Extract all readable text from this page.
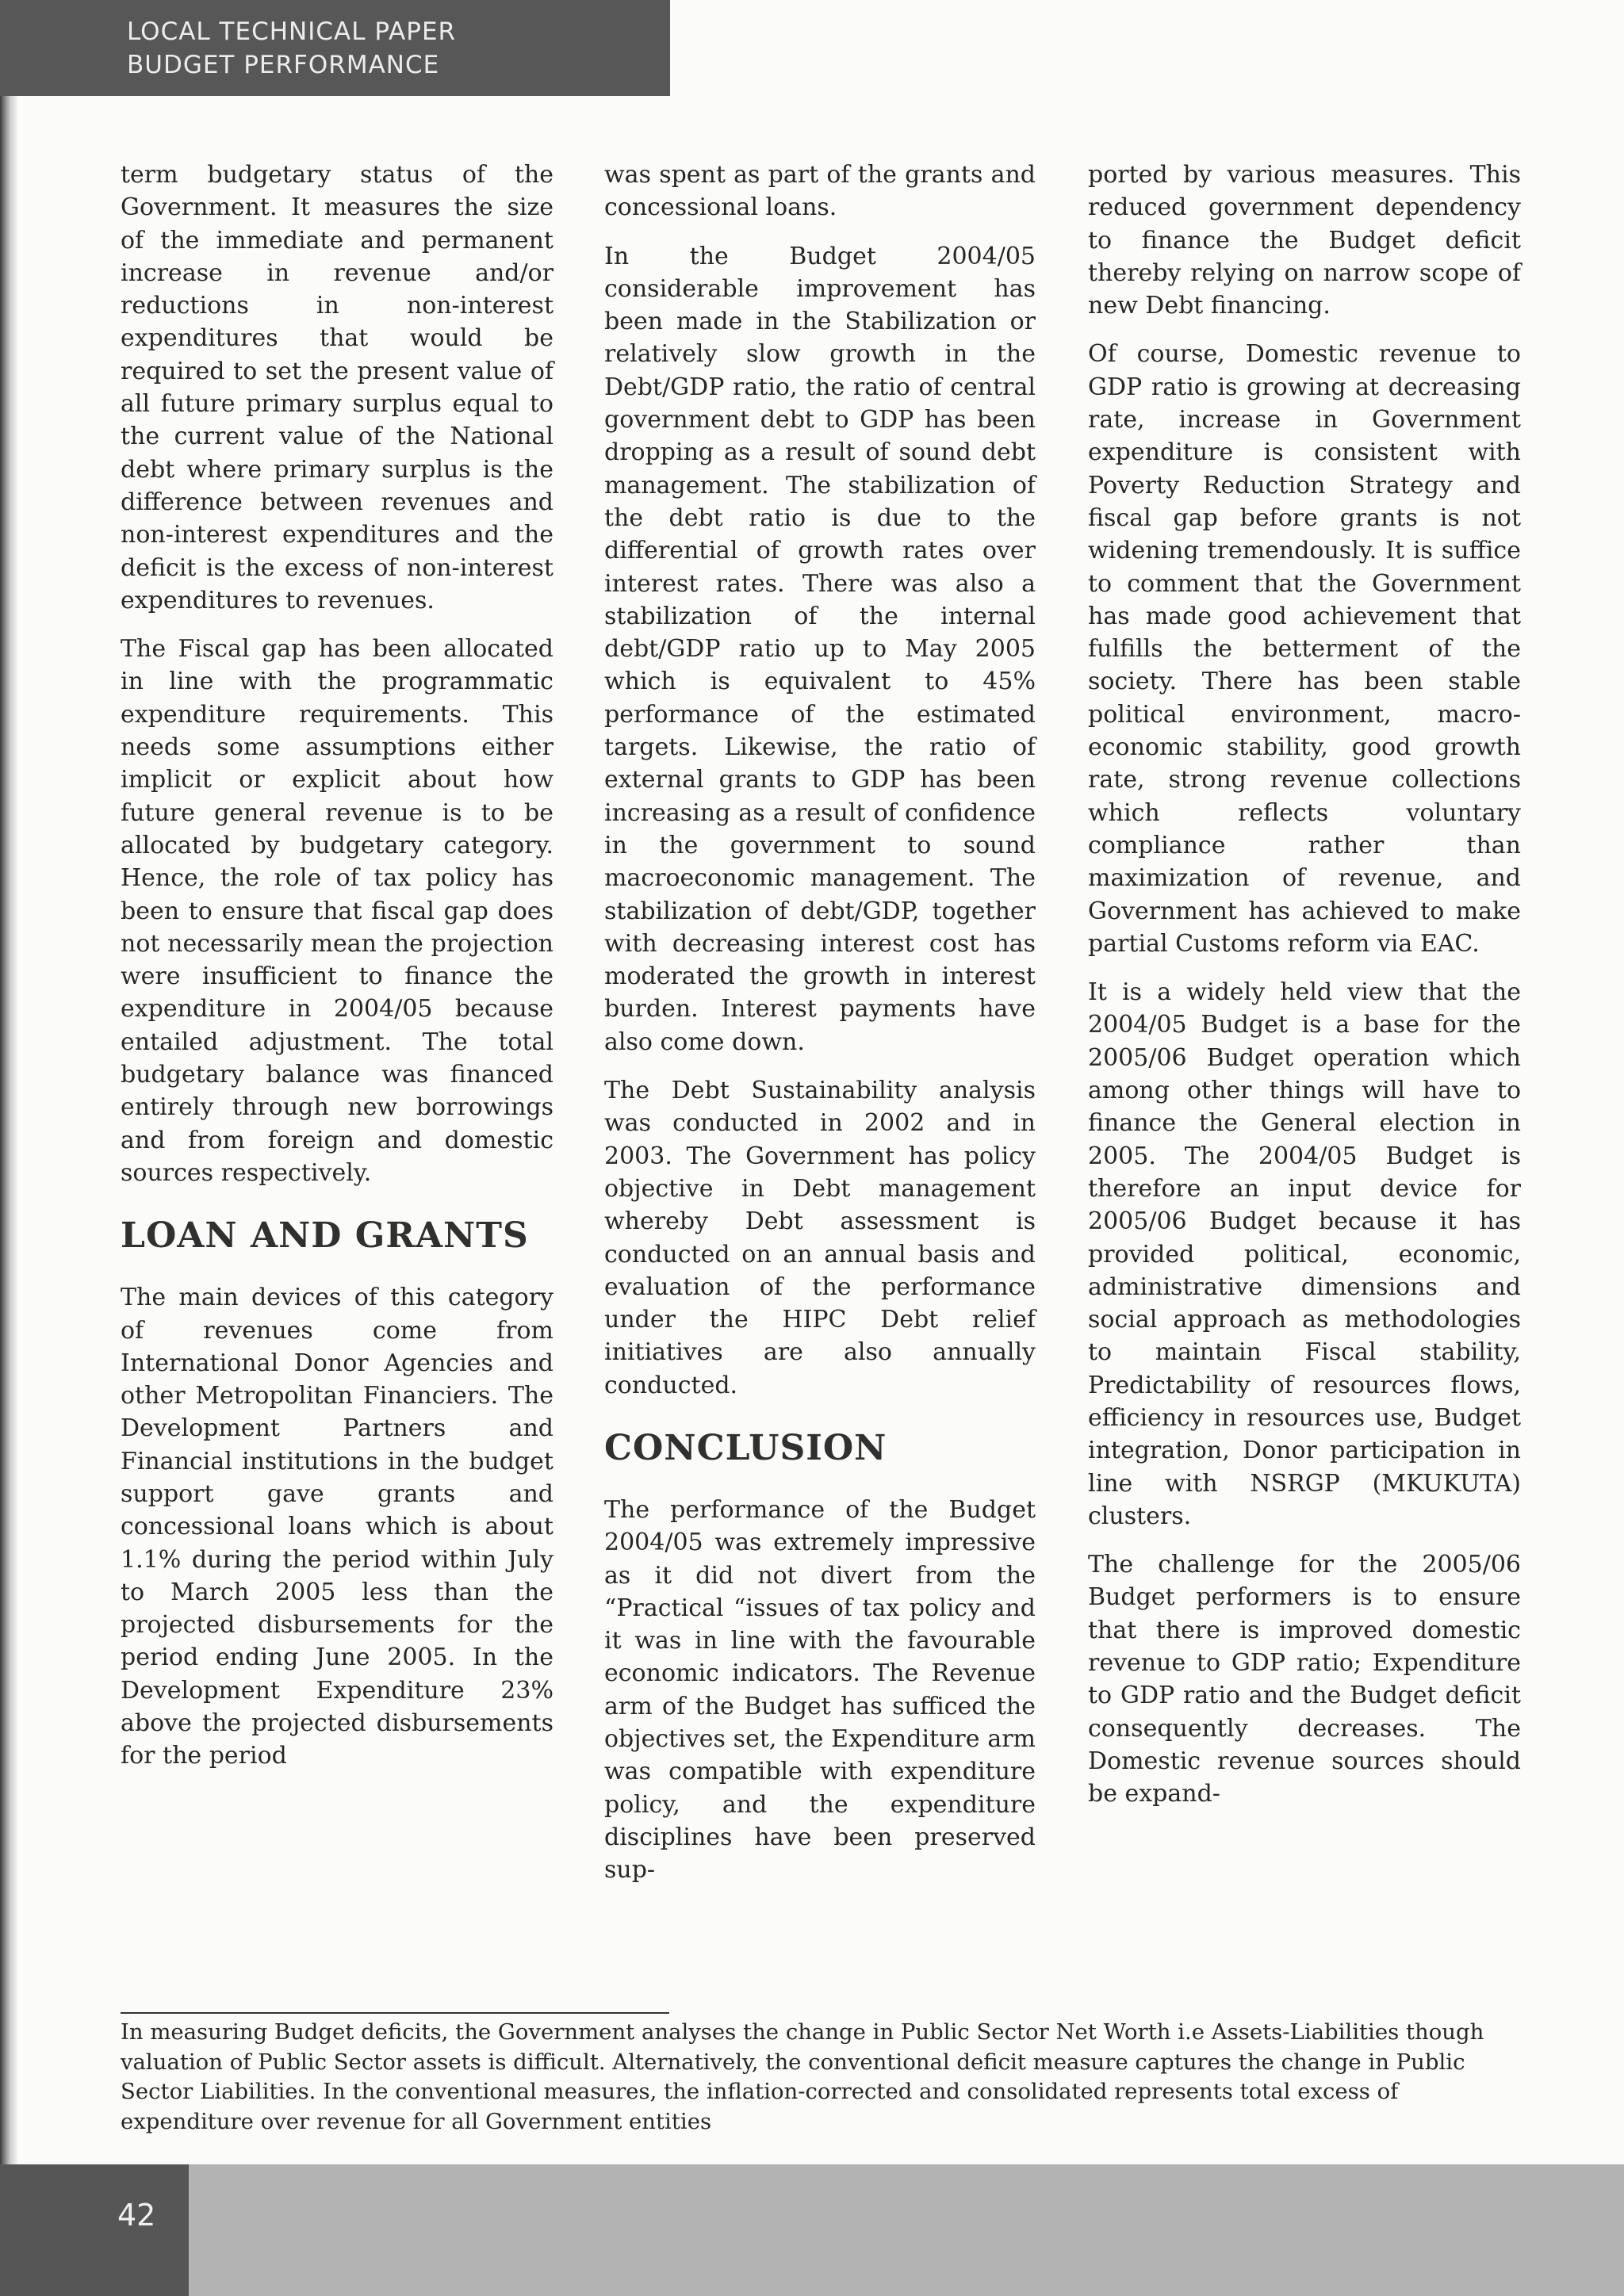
LOCAL TECHNICAL PAPER
BUDGET PERFORMANCE

term budgetary status of the Government. It measures the size of the immediate and permanent increase in revenue and/or reductions in non-interest expenditures that would be required to set the present value of all future primary surplus equal to the current value of the National debt where primary surplus is the difference between revenues and non-interest expenditures and the deficit is the excess of non-interest expenditures to revenues.

The Fiscal gap has been allocated in line with the programmatic expenditure requirements. This needs some assumptions either implicit or explicit about how future general revenue is to be allocated by budgetary category. Hence, the role of tax policy has been to ensure that fiscal gap does not necessarily mean the projection were insufficient to finance the expenditure in 2004/05 because entailed adjustment. The total budgetary balance was financed entirely through new borrowings and from foreign and domestic sources respectively.

LOAN AND GRANTS

The main devices of this category of revenues come from International Donor Agencies and other Metropolitan Financiers. The Development Partners and Financial institutions in the budget support gave grants and concessional loans which is about 1.1% during the period within July to March 2005 less than the projected disbursements for the period ending June 2005. In the Development Expenditure 23% above the projected disbursements for the period

was spent as part of the grants and concessional loans.

In the Budget 2004/05 considerable improvement has been made in the Stabilization or relatively slow growth in the Debt/GDP ratio, the ratio of central government debt to GDP has been dropping as a result of sound debt management. The stabilization of the debt ratio is due to the differential of growth rates over interest rates. There was also a stabilization of the internal debt/GDP ratio up to May 2005 which is equivalent to 45% performance of the estimated targets. Likewise, the ratio of external grants to GDP has been increasing as a result of confidence in the government to sound macroeconomic management. The stabilization of debt/GDP, together with decreasing interest cost has moderated the growth in interest burden. Interest payments have also come down.

The Debt Sustainability analysis was conducted in 2002 and in 2003. The Government has policy objective in Debt management whereby Debt assessment is conducted on an annual basis and evaluation of the performance under the HIPC Debt relief initiatives are also annually conducted.

CONCLUSION

The performance of the Budget 2004/05 was extremely impressive as it did not divert from the “Practical “issues of tax policy and it was in line with the favourable economic indicators. The Revenue arm of the Budget has sufficed the objectives set, the Expenditure arm was compatible with expenditure policy, and the expenditure disciplines have been preserved sup-

ported by various measures. This reduced government dependency to finance the Budget deficit thereby relying on narrow scope of new Debt financing.

Of course, Domestic revenue to GDP ratio is growing at decreasing rate, increase in Government expenditure is consistent with Poverty Reduction Strategy and fiscal gap before grants is not widening tremendously. It is suffice to comment that the Government has made good achievement that fulfills the betterment of the society. There has been stable political environment, macro-economic stability, good growth rate, strong revenue collections which reflects voluntary compliance rather than maximization of revenue, and Government has achieved to make partial Customs reform via EAC.

It is a widely held view that the 2004/05 Budget is a base for the 2005/06 Budget operation which among other things will have to finance the General election in 2005. The 2004/05 Budget is therefore an input device for 2005/06 Budget because it has provided political, economic, administrative dimensions and social approach as methodologies to maintain Fiscal stability, Predictability of resources flows, efficiency in resources use, Budget integration, Donor participation in line with NSRGP (MKUKUTA) clusters.

The challenge for the 2005/06 Budget performers is to ensure that there is improved domestic revenue to GDP ratio; Expenditure to GDP ratio and the Budget deficit consequently decreases. The Domestic revenue sources should be expand-

In measuring Budget deficits, the Government analyses the change in Public Sector Net Worth i.e Assets-Liabilities though valuation of Public Sector assets is difficult. Alternatively, the conventional deficit measure captures the change in Public Sector Liabilities. In the conventional measures, the inflation-corrected and consolidated represents total excess of expenditure over revenue for all Government entities

42
